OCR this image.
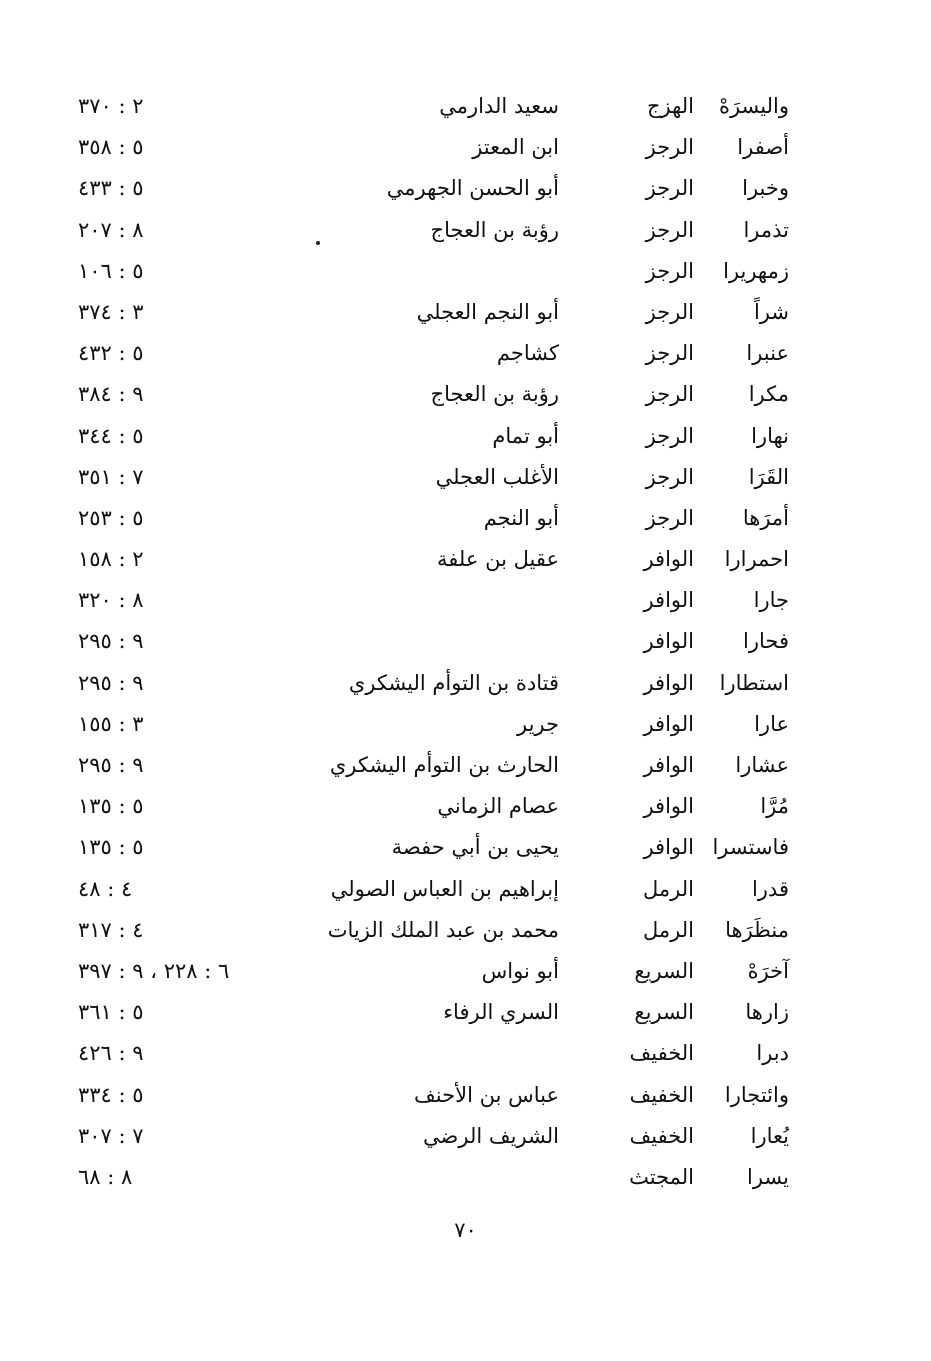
واليسرَهْ
الهزج
سعيد الدارمي
٢ : ٣٧٠
أصفرا
الرجز
ابن المعتز
٥ : ٣٥٨
وخبرا
الرجز
أبو الحسن الجهرمي
٥ : ٤٣٣
تذمرا
الرجز
رؤبة بن العجاج
٨ : ٢٠٧
زمهريرا
الرجز
٥ : ١٠٦
شراً
الرجز
أبو النجم العجلي
٣ : ٣٧٤
عنبرا
الرجز
كشاجم
٥ : ٤٣٢
مكرا
الرجز
رؤبة بن العجاج
٩ : ٣٨٤
نهارا
الرجز
أبو تمام
٥ : ٣٤٤
القَرَا
الرجز
الأغلب العجلي
٧ : ٣٥١
أمرَها
الرجز
أبو النجم
٥ : ٢٥٣
احمرارا
الوافر
عقيل بن علفة
٢ : ١٥٨
جارا
الوافر
٨ : ٣٢٠
فحارا
الوافر
٩ : ٢٩٥
استطارا
الوافر
قتادة بن التوأم اليشكري
٩ : ٢٩٥
عارا
الوافر
جرير
٣ : ١٥٥
عشارا
الوافر
الحارث بن التوأم اليشكري
٩ : ٢٩٥
مُرَّا
الوافر
عصام الزماني
٥ : ١٣٥
فاستسرا
الوافر
يحيى بن أبي حفصة
٥ : ١٣٥
قدرا
الرمل
إبراهيم بن العباس الصولي
٤ : ٤٨
منظَرَها
الرمل
محمد بن عبد الملك الزيات
٤ : ٣١٧
آخرَهْ
السريع
أبو نواس
٦ : ٢٢٨ ، ٩ : ٣٩٧
زارها
السريع
السري الرفاء
٥ : ٣٦١
دبرا
الخفيف
٩ : ٤٢٦
وائتجارا
الخفيف
عباس بن الأحنف
٥ : ٣٣٤
يُعارا
الخفيف
الشريف الرضي
٧ : ٣٠٧
يسرا
المجتث
٨ : ٦٨
٧٠
